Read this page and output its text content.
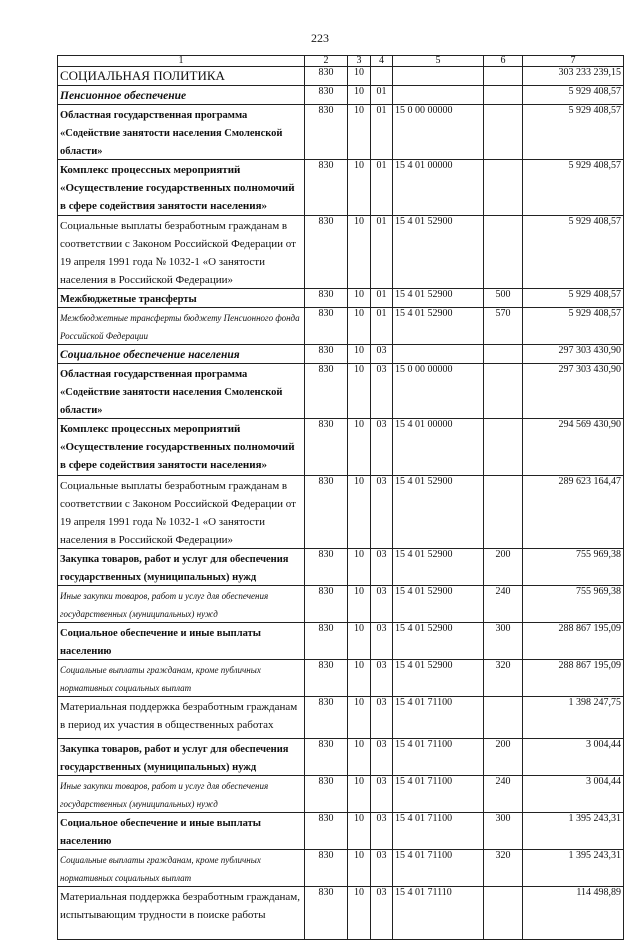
223
1	2	3	4	5	6	7
СОЦИАЛЬНАЯ ПОЛИТИКА	830	10				303 233 239,15
Пенсионное обеспечение	830	10	01			5 929 408,57
Областная государственная программа «Содействие занятости населения Смоленской области»	830	10	01	15 0 00 00000		5 929 408,57
Комплекс процессных мероприятий «Осуществление государственных полномочий в сфере содействия занятости населения»	830	10	01	15 4 01 00000		5 929 408,57
Социальные выплаты безработным гражданам в соответствии с Законом Российской Федерации от 19 апреля 1991 года № 1032-1 «О занятости населения в Российской Федерации»	830	10	01	15 4 01 52900		5 929 408,57
Межбюджетные трансферты	830	10	01	15 4 01 52900	500	5 929 408,57
Межбюджетные трансферты бюджету Пенсионного фонда Российской Федерации	830	10	01	15 4 01 52900	570	5 929 408,57
Социальное обеспечение населения	830	10	03			297 303 430,90
Областная государственная программа «Содействие занятости населения Смоленской области»	830	10	03	15 0 00 00000		297 303 430,90
Комплекс процессных мероприятий «Осуществление государственных полномочий в сфере содействия занятости населения»	830	10	03	15 4 01 00000		294 569 430,90
Социальные выплаты безработным гражданам в соответствии с Законом Российской Федерации от 19 апреля 1991 года № 1032-1 «О занятости населения в Российской Федерации»	830	10	03	15 4 01 52900		289 623 164,47
Закупка товаров, работ и услуг для обеспечения государственных (муниципальных) нужд	830	10	03	15 4 01 52900	200	755 969,38
Иные закупки товаров, работ и услуг для обеспечения государственных (муниципальных) нужд	830	10	03	15 4 01 52900	240	755 969,38
Социальное обеспечение и иные выплаты населению	830	10	03	15 4 01 52900	300	288 867 195,09
Социальные выплаты гражданам, кроме публичных нормативных социальных выплат	830	10	03	15 4 01 52900	320	288 867 195,09
Материальная поддержка безработным гражданам в период их участия в общественных работах	830	10	03	15 4 01 71100		1 398 247,75
Закупка товаров, работ и услуг для обеспечения государственных (муниципальных) нужд	830	10	03	15 4 01 71100	200	3 004,44
Иные закупки товаров, работ и услуг для обеспечения государственных (муниципальных) нужд	830	10	03	15 4 01 71100	240	3 004,44
Социальное обеспечение и иные выплаты населению	830	10	03	15 4 01 71100	300	1 395 243,31
Социальные выплаты гражданам, кроме публичных нормативных социальных выплат	830	10	03	15 4 01 71100	320	1 395 243,31
Материальная поддержка безработным гражданам, испытывающим трудности в поиске работы	830	10	03	15 4 01 71110		114 498,89
